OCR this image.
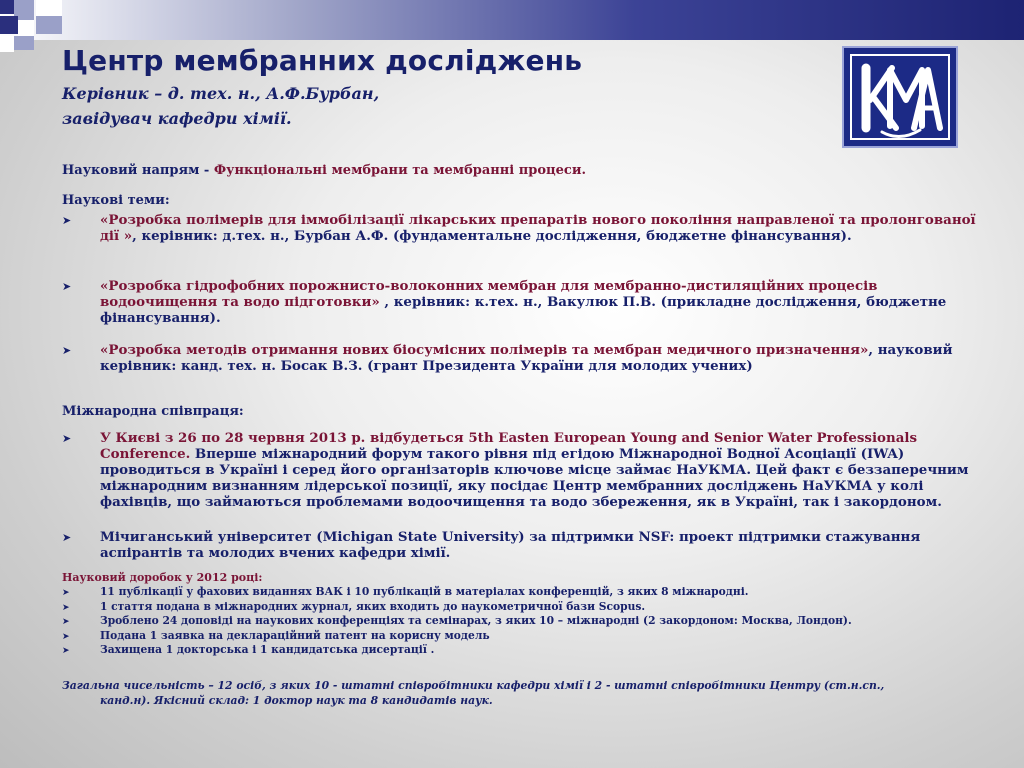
Центр мембранних досліджень

Керівник – д. тех. н., А.Ф.Бурбан,

завідувач кафедри хімії.

Науковий напрям - Функціональні мембрани та мембранні процеси.
Наукові теми:
➤ «Розробка полімерів для іммобілізації лікарських препаратів нового покоління направленої та пролонгованої дії », керівник: д.тех. н., Бурбан А.Ф. (фундаментальне дослідження, бюджетне фінансування).
➤ «Розробка гідрофобних порожнисто-волоконних мембран для мембранно-дистиляційних процесів водоочищення та водо підготовки» , керівник: к.тех. н., Вакулюк П.В. (прикладне дослідження, бюджетне фінансування).
➤ «Розробка методів отримання нових біосумісних полімерів та мембран медичного призначення», науковий керівник: канд. тех. н. Босак В.З. (грант Президента України для молодих учених)
Міжнародна співпраця:
➤ У Києві з 26 по 28 червня 2013 р. відбудеться 5th Easten European Young and Senior Water Professionals Conference. Вперше міжнародний форум такого рівня під егідою Міжнародної Водної Асоціації (IWA) проводиться в Україні і серед його організаторів ключове місце займає НаУКМА. Цей факт є беззаперечним міжнародним визнанням лідерської позиції, яку посідає Центр мембранних досліджень НаУКМА у колі фахівців, що займаються проблемами водоочищення та водо збереження, як в Україні, так і закордоном.
➤ Мічиганський університет (Michigan State University) за підтримки NSF: проект підтримки стажування аспірантів та молодих вчених кафедри хімії.
Науковий доробок у 2012 році:
➤	11 публікації у фахових виданнях ВАК і 10 публікацій в матеріалах конференцій, з яких 8 міжнародні.
➤	1 стаття подана в міжнародних журнал, яких входить до наукометричної бази Scopus.
➤	Зроблено 24 доповіді на наукових конференціях та семінарах, з яких 10 – міжнародні (2 закордоном: Москва, Лондон).
➤	Подана 1 заявка на деклараційний патент на корисну модель
➤	Захищена 1 докторська і 1 кандидатська дисертації .
Загальна чисельність – 12 осіб, з яких 10 - штатні співробітники кафедри хімії і 2 - штатні співробітники Центру (ст.н.сп.,
канд.н). Якісний склад: 1 доктор наук та 8 кандидатів наук.
